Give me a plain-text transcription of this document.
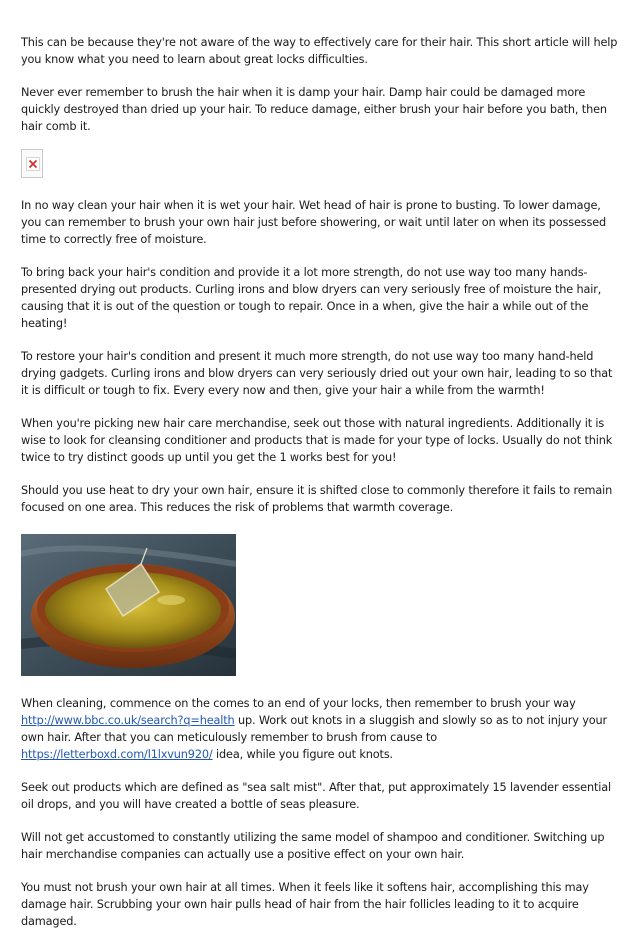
This can be because they're not aware of the way to effectively care for their hair. This short article will help you know what you need to learn about great locks difficulties.

Never ever remember to brush the hair when it is damp your hair. Damp hair could be damaged more quickly destroyed than dried up your hair. To reduce damage, either brush your hair before you bath, then hair comb it.

In no way clean your hair when it is wet your hair. Wet head of hair is prone to busting. To lower damage, you can remember to brush your own hair just before showering, or wait until later on when its possessed time to correctly free of moisture.

To bring back your hair's condition and provide it a lot more strength, do not use way too many hands-presented drying out products. Curling irons and blow dryers can very seriously free of moisture the hair, causing that it is out of the question or tough to repair. Once in a when, give the hair a while out of the heating!

To restore your hair's condition and present it much more strength, do not use way too many hand-held drying gadgets. Curling irons and blow dryers can very seriously dried out your own hair, leading to so that it is difficult or tough to fix. Every every now and then, give your hair a while from the warmth!

When you're picking new hair care merchandise, seek out those with natural ingredients. Additionally it is wise to look for cleansing conditioner and products that is made for your type of locks. Usually do not think twice to try distinct goods up until you get the 1 works best for you!

Should you use heat to dry your own hair, ensure it is shifted close to commonly therefore it fails to remain focused on one area. This reduces the risk of problems that warmth coverage.

When cleaning, commence on the comes to an end of your locks, then remember to brush your way http://www.bbc.co.uk/search?q=health up. Work out knots in a sluggish and slowly so as to not injury your own hair. After that you can meticulously remember to brush from cause to https://letterboxd.com/l1lxvun920/ idea, while you figure out knots.

Seek out products which are defined as "sea salt mist". After that, put approximately 15 lavender essential oil drops, and you will have created a bottle of seas pleasure.

Will not get accustomed to constantly utilizing the same model of shampoo and conditioner. Switching up hair merchandise companies can actually use a positive effect on your own hair.

You must not brush your own hair at all times. When it feels like it softens hair, accomplishing this may damage hair. Scrubbing your own hair pulls head of hair from the hair follicles leading to it to acquire damaged.
